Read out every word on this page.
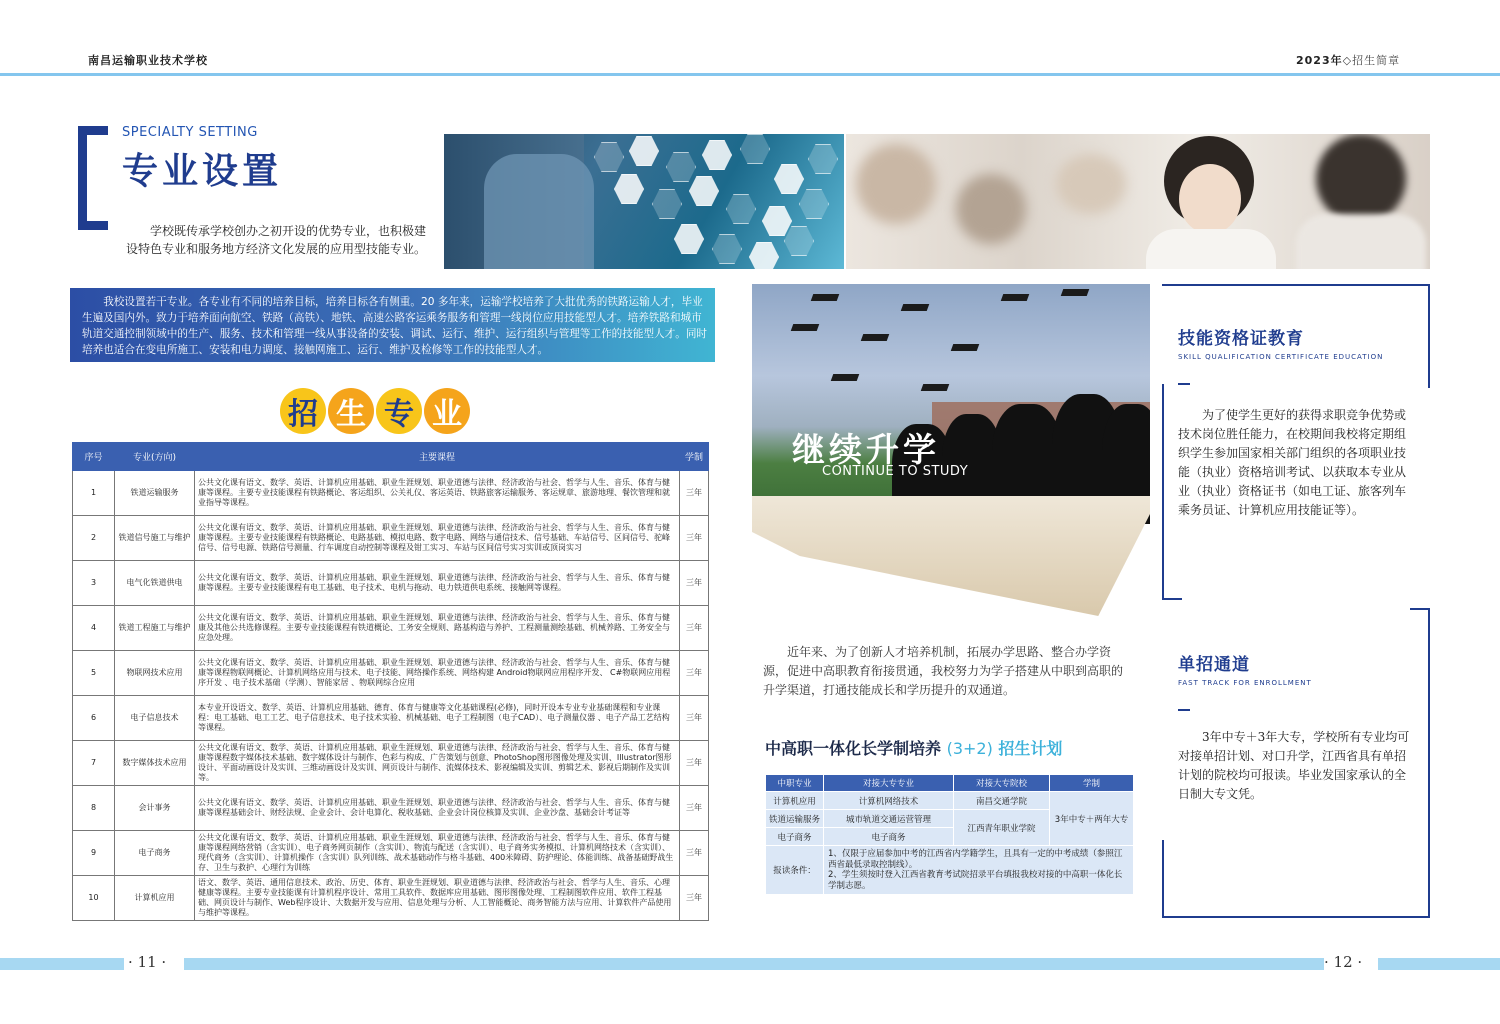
南昌运输职业技术学校	2023年◇招生简章
SPECIALTY SETTING
专业设置
学校既传承学校创办之初开设的优势专业，也积极建设特色专业和服务地方经济文化发展的应用型技能专业。
我校设置若干专业。各专业有不同的培养目标，培养目标各有侧重。20 多年来，运输学校培养了大批优秀的铁路运输人才，毕业生遍及国内外。致力于培养面向航空、铁路（高铁）、地铁、高速公路客运乘务服务和管理一线岗位应用技能型人才。培养铁路和城市轨道交通控制领域中的生产、服务、技术和管理一线从事设备的安装、调试、运行、维护、运行组织与管理等工作的技能型人才。同时培养也适合在变电所施工、安装和电力调度、接触网施工、运行、维护及检修等工作的技能型人才。
招 生 专 业
序号	专业(方向)	主要课程	学制
1	铁道运输服务	公共文化课有语文、数学、英语、计算机应用基础、职业生涯规划、职业道德与法律、经济政治与社会、哲学与人生、音乐、体育与健康等课程。主要专业技能课程有铁路概论、客运组织、公关礼仪、客运英语、铁路旅客运输服务、客运规章、旅游地理、餐饮管理和就业指导等课程。	三年
2	铁道信号施工与维护	公共文化课有语文、数学、英语、计算机应用基础、职业生涯规划、职业道德与法律、经济政治与社会、哲学与人生、音乐、体育与健康等课程。主要专业技能课程有铁路概论、电路基础、模拟电路、数字电路、网络与通信技术、信号基础、车站信号、区间信号、驼峰信号、信号电源、铁路信号测量、行车调度自动控制等课程及钳工实习、车站与区间信号实习实训或顶岗实习	三年
3	电气化铁道供电	公共文化课有语文、数学、英语、计算机应用基础、职业生涯规划、职业道德与法律、经济政治与社会、哲学与人生、音乐、体育与健康等课程。主要专业技能课程有电工基础、电子技术、电机与拖动、电力铁道供电系统、接触网等课程。	三年
4	铁道工程施工与维护	公共文化课有语文、数学、英语、计算机应用基础、职业生涯规划、职业道德与法律、经济政治与社会、哲学与人生、音乐、体育与健康及其他公共选修课程。主要专业技能课程有铁道概论、工务安全规则、路基构造与养护、工程测量测绘基础、机械养路、工务安全与应急处理。	三年
5	物联网技术应用	公共文化课有语文、数学、英语、计算机应用基础、职业生涯规划、职业道德与法律、经济政治与社会、哲学与人生、音乐、体育与健康等课程物联网概论、计算机网络应用与技术、电子技能、网络操作系统、网络构建 Android物联网应用程序开发、 C#物联网应用程序开发 、电子技术基础（学测）、智能家居 、物联网综合应用	三年
6	电子信息技术	本专业开设语文、数学、英语、计算机应用基础、德育、体育与健康等文化基础课程(必修)，同时开设本专业专业基础课程和专业课程：电工基础、电工工艺、电子信息技术、电子技术实验、机械基础、电子工程制图（电子CAD）、电子测量仪器 、电子产品工艺结构等课程。	三年
7	数字媒体技术应用	公共文化课有语文、数学、英语、计算机应用基础、职业生涯规划、职业道德与法律、经济政治与社会、哲学与人生、音乐、体育与健康等课程数字媒体技术基础、数字媒体设计与制作、色彩与构成、广告策划与创意、PhotoShop图形图像处理及实训、Illustrator图形设计、平面动画设计及实训、三维动画设计及实训、网页设计与制作、流媒体技术、影视编辑及实训、剪辑艺术、影视后期制作及实训等。	三年
8	会计事务	公共文化课有语文、数学、英语、计算机应用基础、职业生涯规划、职业道德与法律、经济政治与社会、哲学与人生、音乐、体育与健康等课程基础会计、财经法规、企业会计、会计电算化、税收基础、企业会计岗位核算及实训、企业沙盘、基础会计考证等	三年
9	电子商务	公共文化课有语文、数学、英语、计算机应用基础、职业生涯规划、职业道德与法律、经济政治与社会、哲学与人生、音乐、体育与健康等课程网络营销（含实训）、电子商务网页制作（含实训）、物流与配送（含实训）、电子商务实务模拟、计算机网络技术（含实训）、现代商务（含实训）、计算机操作（含实训）队列训练、战术基础动作与格斗基础、400米障碍、防护理论、体能训练、战备基础野战生存、卫生与救护、心理行为训练	三年
10	计算机应用	语文、数学、英语、通用信息技术、政治、历史、体育、职业生涯规划、职业道德与法律、经济政治与社会、哲学与人生、音乐、心理健康等课程。主要专业技能课有计算机程序设计、常用工具软件、数据库应用基础、图形图像处理、工程制图软件应用、软件工程基础、网页设计与制作、Web程序设计、大数据开发与应用、信息处理与分析、人工智能概论、商务智能方法与应用、计算软件产品使用与维护等课程。	三年
继续升学
CONTINUE TO STUDY
近年来、为了创新人才培养机制，拓展办学思路、整合办学资源，促进中高职教育衔接贯通，我校努力为学子搭建从中职到高职的升学渠道，打通技能成长和学历提升的双通道。
中高职一体化长学制培养 (3+2) 招生计划
中职专业	对接大专专业	对接大专院校	学制
计算机应用	计算机网络技术	南昌交通学院	3年中专＋两年大专
铁道运输服务	城市轨道交通运营管理	江西青年职业学院	
电子商务	电子商务		
报读条件：	1、仅限于应届参加中考的江西省内学籍学生，且具有一定的中考成绩（参照江西省最低录取控制线）。
2、学生须按时登入江西省教育考试院招录平台填报我校对接的中高职一体化长学制志愿。		
技能资格证教育
SKILL QUALIFICATION CERTIFICATE EDUCATION
为了使学生更好的获得求职竞争优势或技术岗位胜任能力，在校期间我校将定期组织学生参加国家相关部门组织的各项职业技能（执业）资格培训考试、以获取本专业从业（执业）资格证书（如电工证、旅客列车乘务员证、计算机应用技能证等）。
单招通道
FAST TRACK FOR ENROLLMENT
3年中专＋3年大专，学校所有专业均可对接单招计划、对口升学，江西省具有单招计划的院校均可报读。毕业发国家承认的全日制大专文凭。
· 11 ·	· 12 ·
